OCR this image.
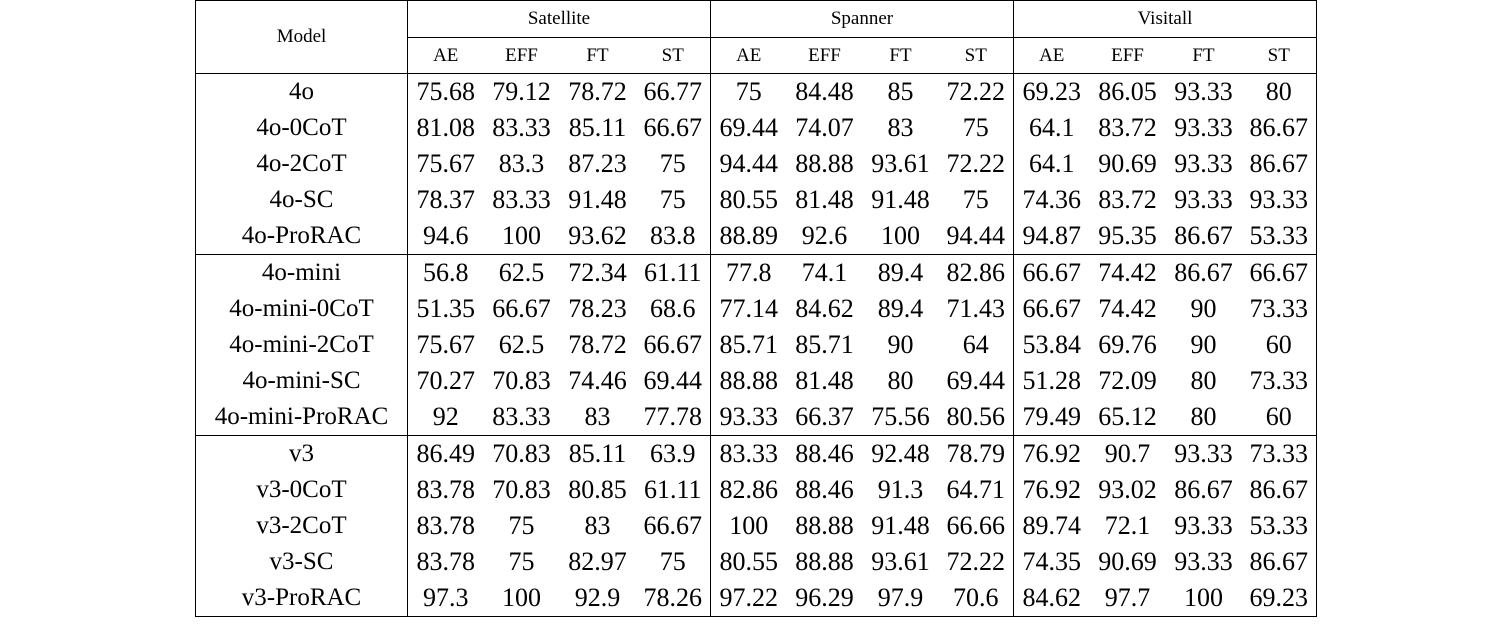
Model	Satellite				Spanner				Visitall			
	AE	EFF	FT	ST	AE	EFF	FT	ST	AE	EFF	FT	ST
4o	75.68	79.12	78.72	66.77	75	84.48	85	72.22	69.23	86.05	93.33	80
4o-0CoT	81.08	83.33	85.11	66.67	69.44	74.07	83	75	64.1	83.72	93.33	86.67
4o-2CoT	75.67	83.3	87.23	75	94.44	88.88	93.61	72.22	64.1	90.69	93.33	86.67
4o-SC	78.37	83.33	91.48	75	80.55	81.48	91.48	75	74.36	83.72	93.33	93.33
4o-ProRAC	94.6	100	93.62	83.8	88.89	92.6	100	94.44	94.87	95.35	86.67	53.33
4o-mini	56.8	62.5	72.34	61.11	77.8	74.1	89.4	82.86	66.67	74.42	86.67	66.67
4o-mini-0CoT	51.35	66.67	78.23	68.6	77.14	84.62	89.4	71.43	66.67	74.42	90	73.33
4o-mini-2CoT	75.67	62.5	78.72	66.67	85.71	85.71	90	64	53.84	69.76	90	60
4o-mini-SC	70.27	70.83	74.46	69.44	88.88	81.48	80	69.44	51.28	72.09	80	73.33
4o-mini-ProRAC	92	83.33	83	77.78	93.33	66.37	75.56	80.56	79.49	65.12	80	60
v3	86.49	70.83	85.11	63.9	83.33	88.46	92.48	78.79	76.92	90.7	93.33	73.33
v3-0CoT	83.78	70.83	80.85	61.11	82.86	88.46	91.3	64.71	76.92	93.02	86.67	86.67
v3-2CoT	83.78	75	83	66.67	100	88.88	91.48	66.66	89.74	72.1	93.33	53.33
v3-SC	83.78	75	82.97	75	80.55	88.88	93.61	72.22	74.35	90.69	93.33	86.67
v3-ProRAC	97.3	100	92.9	78.26	97.22	96.29	97.9	70.6	84.62	97.7	100	69.23
